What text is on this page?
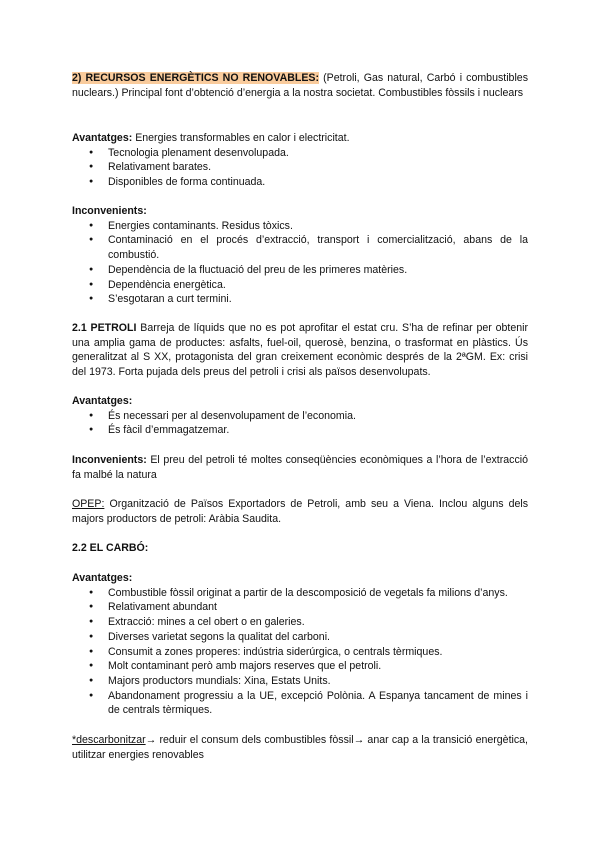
2) RECURSOS ENERGÈTICS NO RENOVABLES: (Petroli, Gas natural, Carbó i combustibles nuclears.) Principal font d’obtenció d’energia a la nostra societat. Combustibles fòssils i nuclears
Avantatges: Energies transformables en calor i electricitat.
● Tecnologia plenament desenvolupada.
● Relativament barates.
● Disponibles de forma continuada.
Inconvenients:
● Energies contaminants. Residus tòxics.
● Contaminació en el procés d’extracció, transport i comercialització, abans de la combustió.
● Dependència de la fluctuació del preu de les primeres matèries.
● Dependència energètica.
● S’esgotaran a curt termini.
2.1 PETROLI Barreja de líquids que no es pot aprofitar el estat cru. S’ha de refinar per obtenir una amplia gama de productes: asfalts, fuel-oil, querosè, benzina, o trasformat en plàstics. Ús generalitzat al S XX, protagonista del gran creixement econòmic després de la 2ªGM. Ex: crisi del 1973. Forta pujada dels preus del petroli i crisi als països desenvolupats.
Avantatges:
● És necessari per al desenvolupament de l’economia.
● És fàcil d’emmagatzemar.
Inconvenients: El preu del petroli té moltes conseqüències econòmiques a l’hora de l’extracció fa malbé la natura
OPEP: Organització de Països Exportadors de Petroli, amb seu a Viena. Inclou alguns dels majors productors de petroli: Aràbia Saudita.
2.2 EL CARBÓ:
Avantatges:
● Combustible fòssil originat a partir de la descomposició de vegetals fa milions d’anys.
● Relativament abundant
● Extracció: mines a cel obert o en galeries.
● Diverses varietat segons la qualitat del carboni.
● Consumit a zones properes: indústria siderúrgica, o centrals tèrmiques.
● Molt contaminant però amb majors reserves que el petroli.
● Majors productors mundials: Xina, Estats Units.
● Abandonament progressiu a la UE, excepció Polònia. A Espanya tancament de mines i de centrals tèrmiques.
*descarbonitzar→ reduir el consum dels combustibles fòssil→ anar cap a la transició energètica, utilitzar energies renovables
